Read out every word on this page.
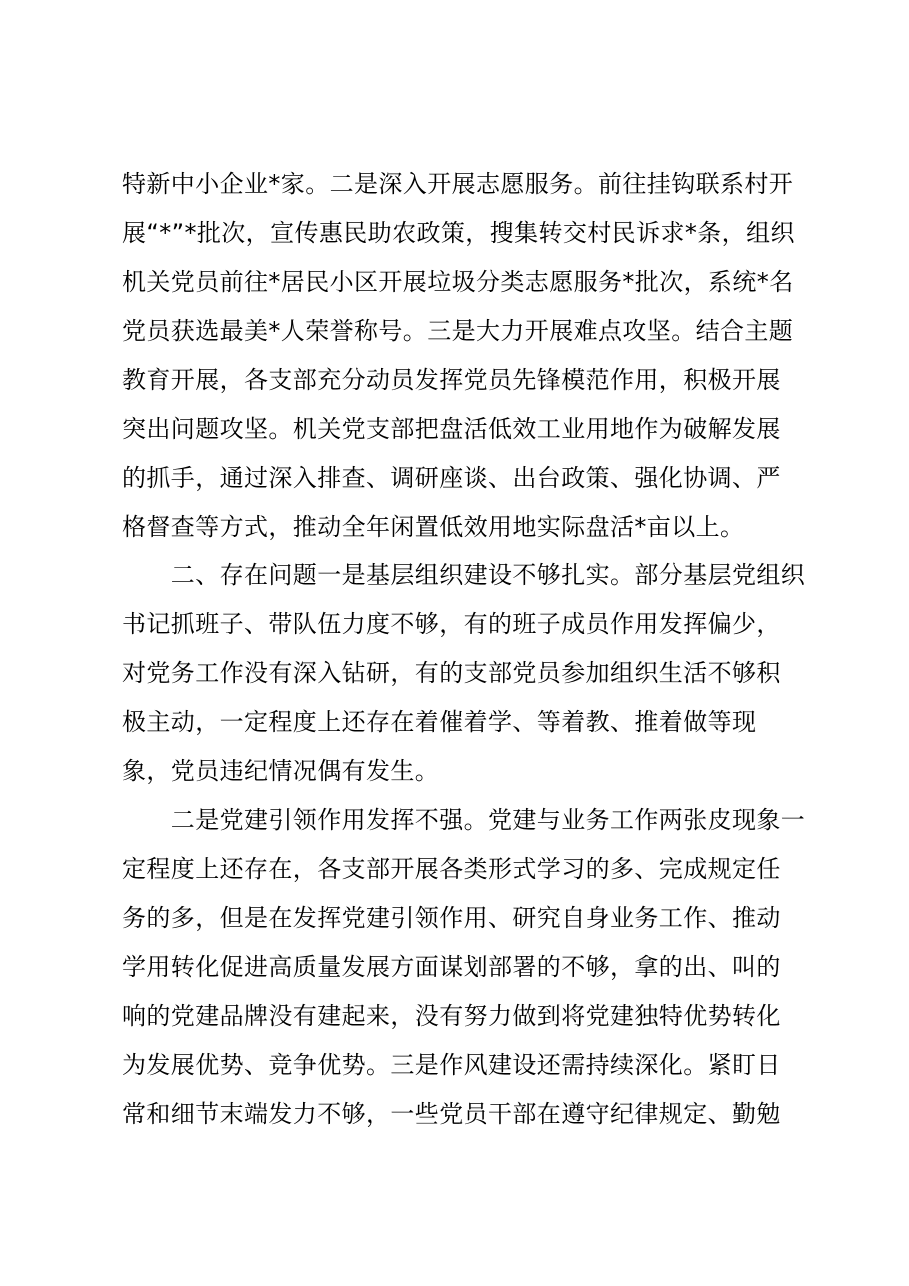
特新中小企业*家。二是深入开展志愿服务。前往挂钩联系村开
展“*”*批次，宣传惠民助农政策，搜集转交村民诉求*条，组织
机关党员前往*居民小区开展垃圾分类志愿服务*批次，系统*名
党员获选最美*人荣誉称号。三是大力开展难点攻坚。结合主题
教育开展，各支部充分动员发挥党员先锋模范作用，积极开展
突出问题攻坚。机关党支部把盘活低效工业用地作为破解发展
的抓手，通过深入排查、调研座谈、出台政策、强化协调、严
格督查等方式，推动全年闲置低效用地实际盘活*亩以上。
　　二、存在问题一是基层组织建设不够扎实。部分基层党组织
书记抓班子、带队伍力度不够，有的班子成员作用发挥偏少，
对党务工作没有深入钻研，有的支部党员参加组织生活不够积
极主动，一定程度上还存在着催着学、等着教、推着做等现
象，党员违纪情况偶有发生。
　　二是党建引领作用发挥不强。党建与业务工作两张皮现象一
定程度上还存在，各支部开展各类形式学习的多、完成规定任
务的多，但是在发挥党建引领作用、研究自身业务工作、推动
学用转化促进高质量发展方面谋划部署的不够，拿的出、叫的
响的党建品牌没有建起来，没有努力做到将党建独特优势转化
为发展优势、竞争优势。三是作风建设还需持续深化。紧盯日
常和细节末端发力不够，一些党员干部在遵守纪律规定、勤勉
